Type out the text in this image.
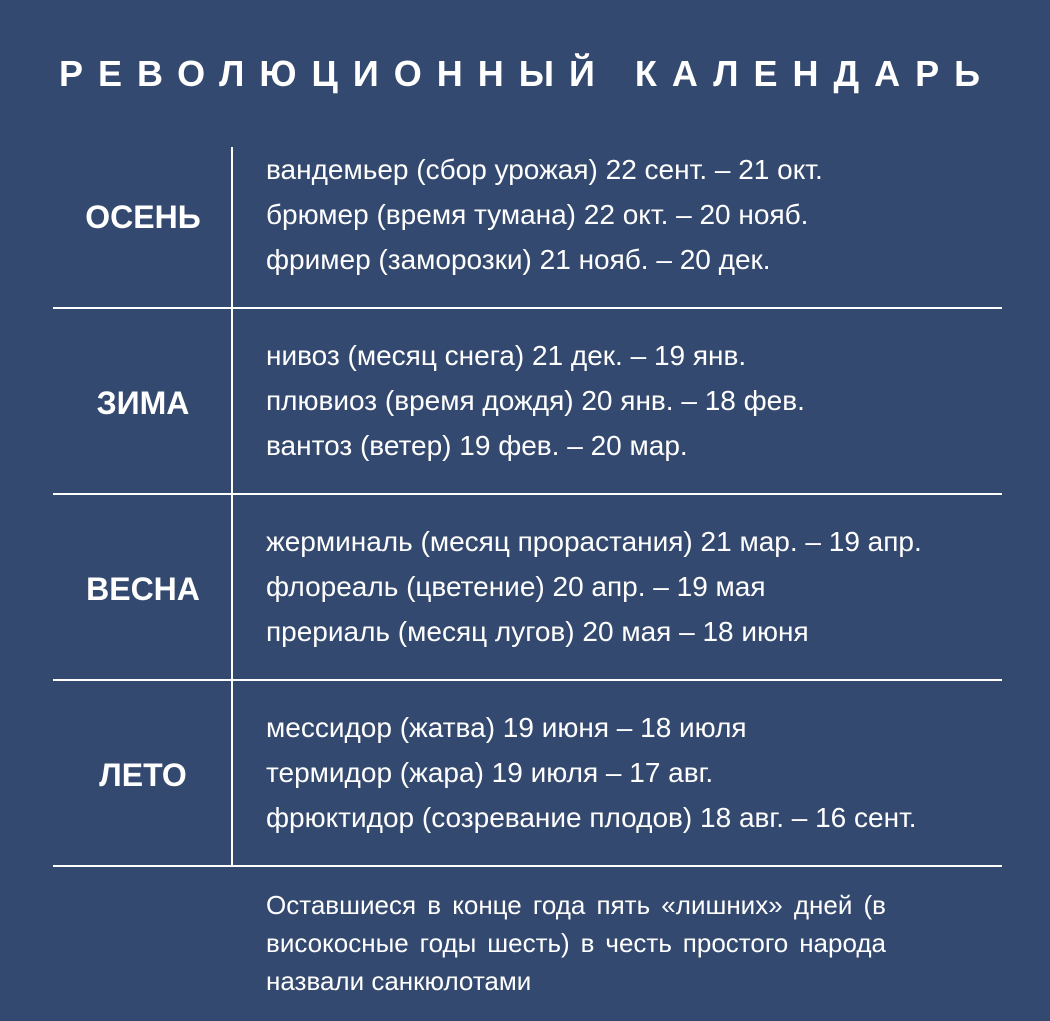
РЕВОЛЮЦИОННЫЙ КАЛЕНДАРЬ
ОСЕНЬ
вандемьер (сбор урожая) 22 сент. – 21 окт.
брюмер (время тумана) 22 окт. – 20 нояб.
фример (заморозки) 21 нояб. – 20 дек.
ЗИМА
нивоз (месяц снега) 21 дек. – 19 янв.
плювиоз (время дождя) 20 янв. – 18 фев.
вантоз (ветер) 19 фев. – 20 мар.
ВЕСНА
жерминаль (месяц прорастания) 21 мар. – 19 апр.
флореаль (цветение) 20 апр. – 19 мая
прериаль (месяц лугов) 20 мая – 18 июня
ЛЕТО
мессидор (жатва) 19 июня – 18 июля
термидор (жара) 19 июля – 17 авг.
фрюктидор (созревание плодов) 18 авг. – 16 сент.
Оставшиеся в конце года пять «лишних» дней (в високосные годы шесть) в честь простого народа назвали санкюлотами
